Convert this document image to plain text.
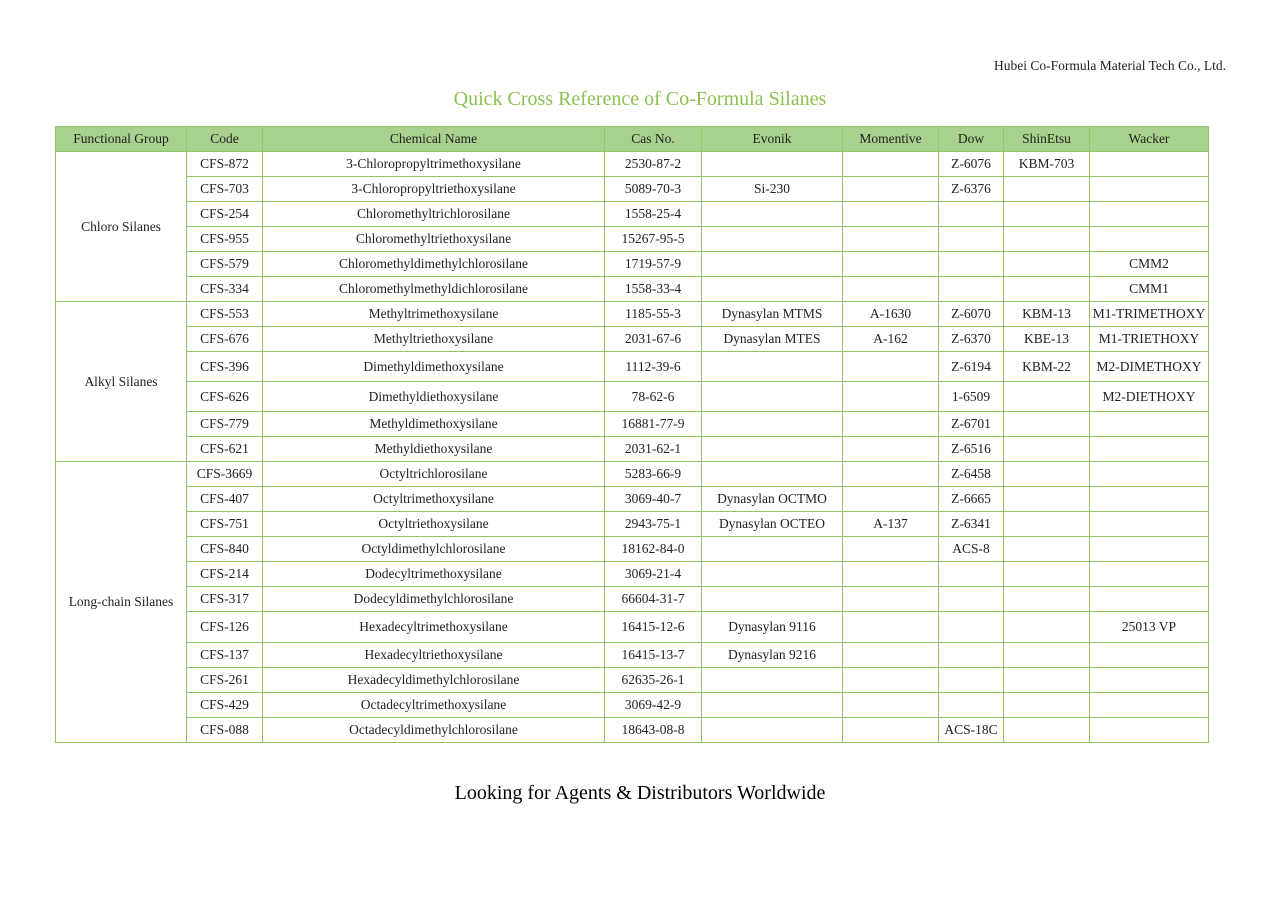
Hubei Co-Formula Material Tech Co., Ltd.
Quick Cross Reference of Co-Formula Silanes
Functional Group	Code	Chemical Name	Cas No.	Evonik	Momentive	Dow	ShinEtsu	Wacker
Chloro Silanes	CFS-872	3-Chloropropyltrimethoxysilane	2530-87-2			Z-6076	KBM-703	
	CFS-703	3-Chloropropyltriethoxysilane	5089-70-3	Si-230		Z-6376		
	CFS-254	Chloromethyltrichlorosilane	1558-25-4					
	CFS-955	Chloromethyltriethoxysilane	15267-95-5					
	CFS-579	Chloromethyldimethylchlorosilane	1719-57-9					CMM2
	CFS-334	Chloromethylmethyldichlorosilane	1558-33-4					CMM1
Alkyl Silanes	CFS-553	Methyltrimethoxysilane	1185-55-3	Dynasylan MTMS	A-1630	Z-6070	KBM-13	M1-TRIMETHOXY
	CFS-676	Methyltriethoxysilane	2031-67-6	Dynasylan MTES	A-162	Z-6370	KBE-13	M1-TRIETHOXY
	CFS-396	Dimethyldimethoxysilane	1112-39-6			Z-6194	KBM-22	M2-DIMETHOXY
	CFS-626	Dimethyldiethoxysilane	78-62-6			1-6509		M2-DIETHOXY
	CFS-779	Methyldimethoxysilane	16881-77-9			Z-6701		
	CFS-621	Methyldiethoxysilane	2031-62-1			Z-6516		
Long-chain Silanes	CFS-3669	Octyltrichlorosilane	5283-66-9			Z-6458		
	CFS-407	Octyltrimethoxysilane	3069-40-7	Dynasylan OCTMO		Z-6665		
	CFS-751	Octyltriethoxysilane	2943-75-1	Dynasylan OCTEO	A-137	Z-6341		
	CFS-840	Octyldimethylchlorosilane	18162-84-0			ACS-8		
	CFS-214	Dodecyltrimethoxysilane	3069-21-4					
	CFS-317	Dodecyldimethylchlorosilane	66604-31-7					
	CFS-126	Hexadecyltrimethoxysilane	16415-12-6	Dynasylan 9116				25013 VP
	CFS-137	Hexadecyltriethoxysilane	16415-13-7	Dynasylan 9216				
	CFS-261	Hexadecyldimethylchlorosilane	62635-26-1					
	CFS-429	Octadecyltrimethoxysilane	3069-42-9					
	CFS-088	Octadecyldimethylchlorosilane	18643-08-8			ACS-18C		
Looking for Agents & Distributors Worldwide
